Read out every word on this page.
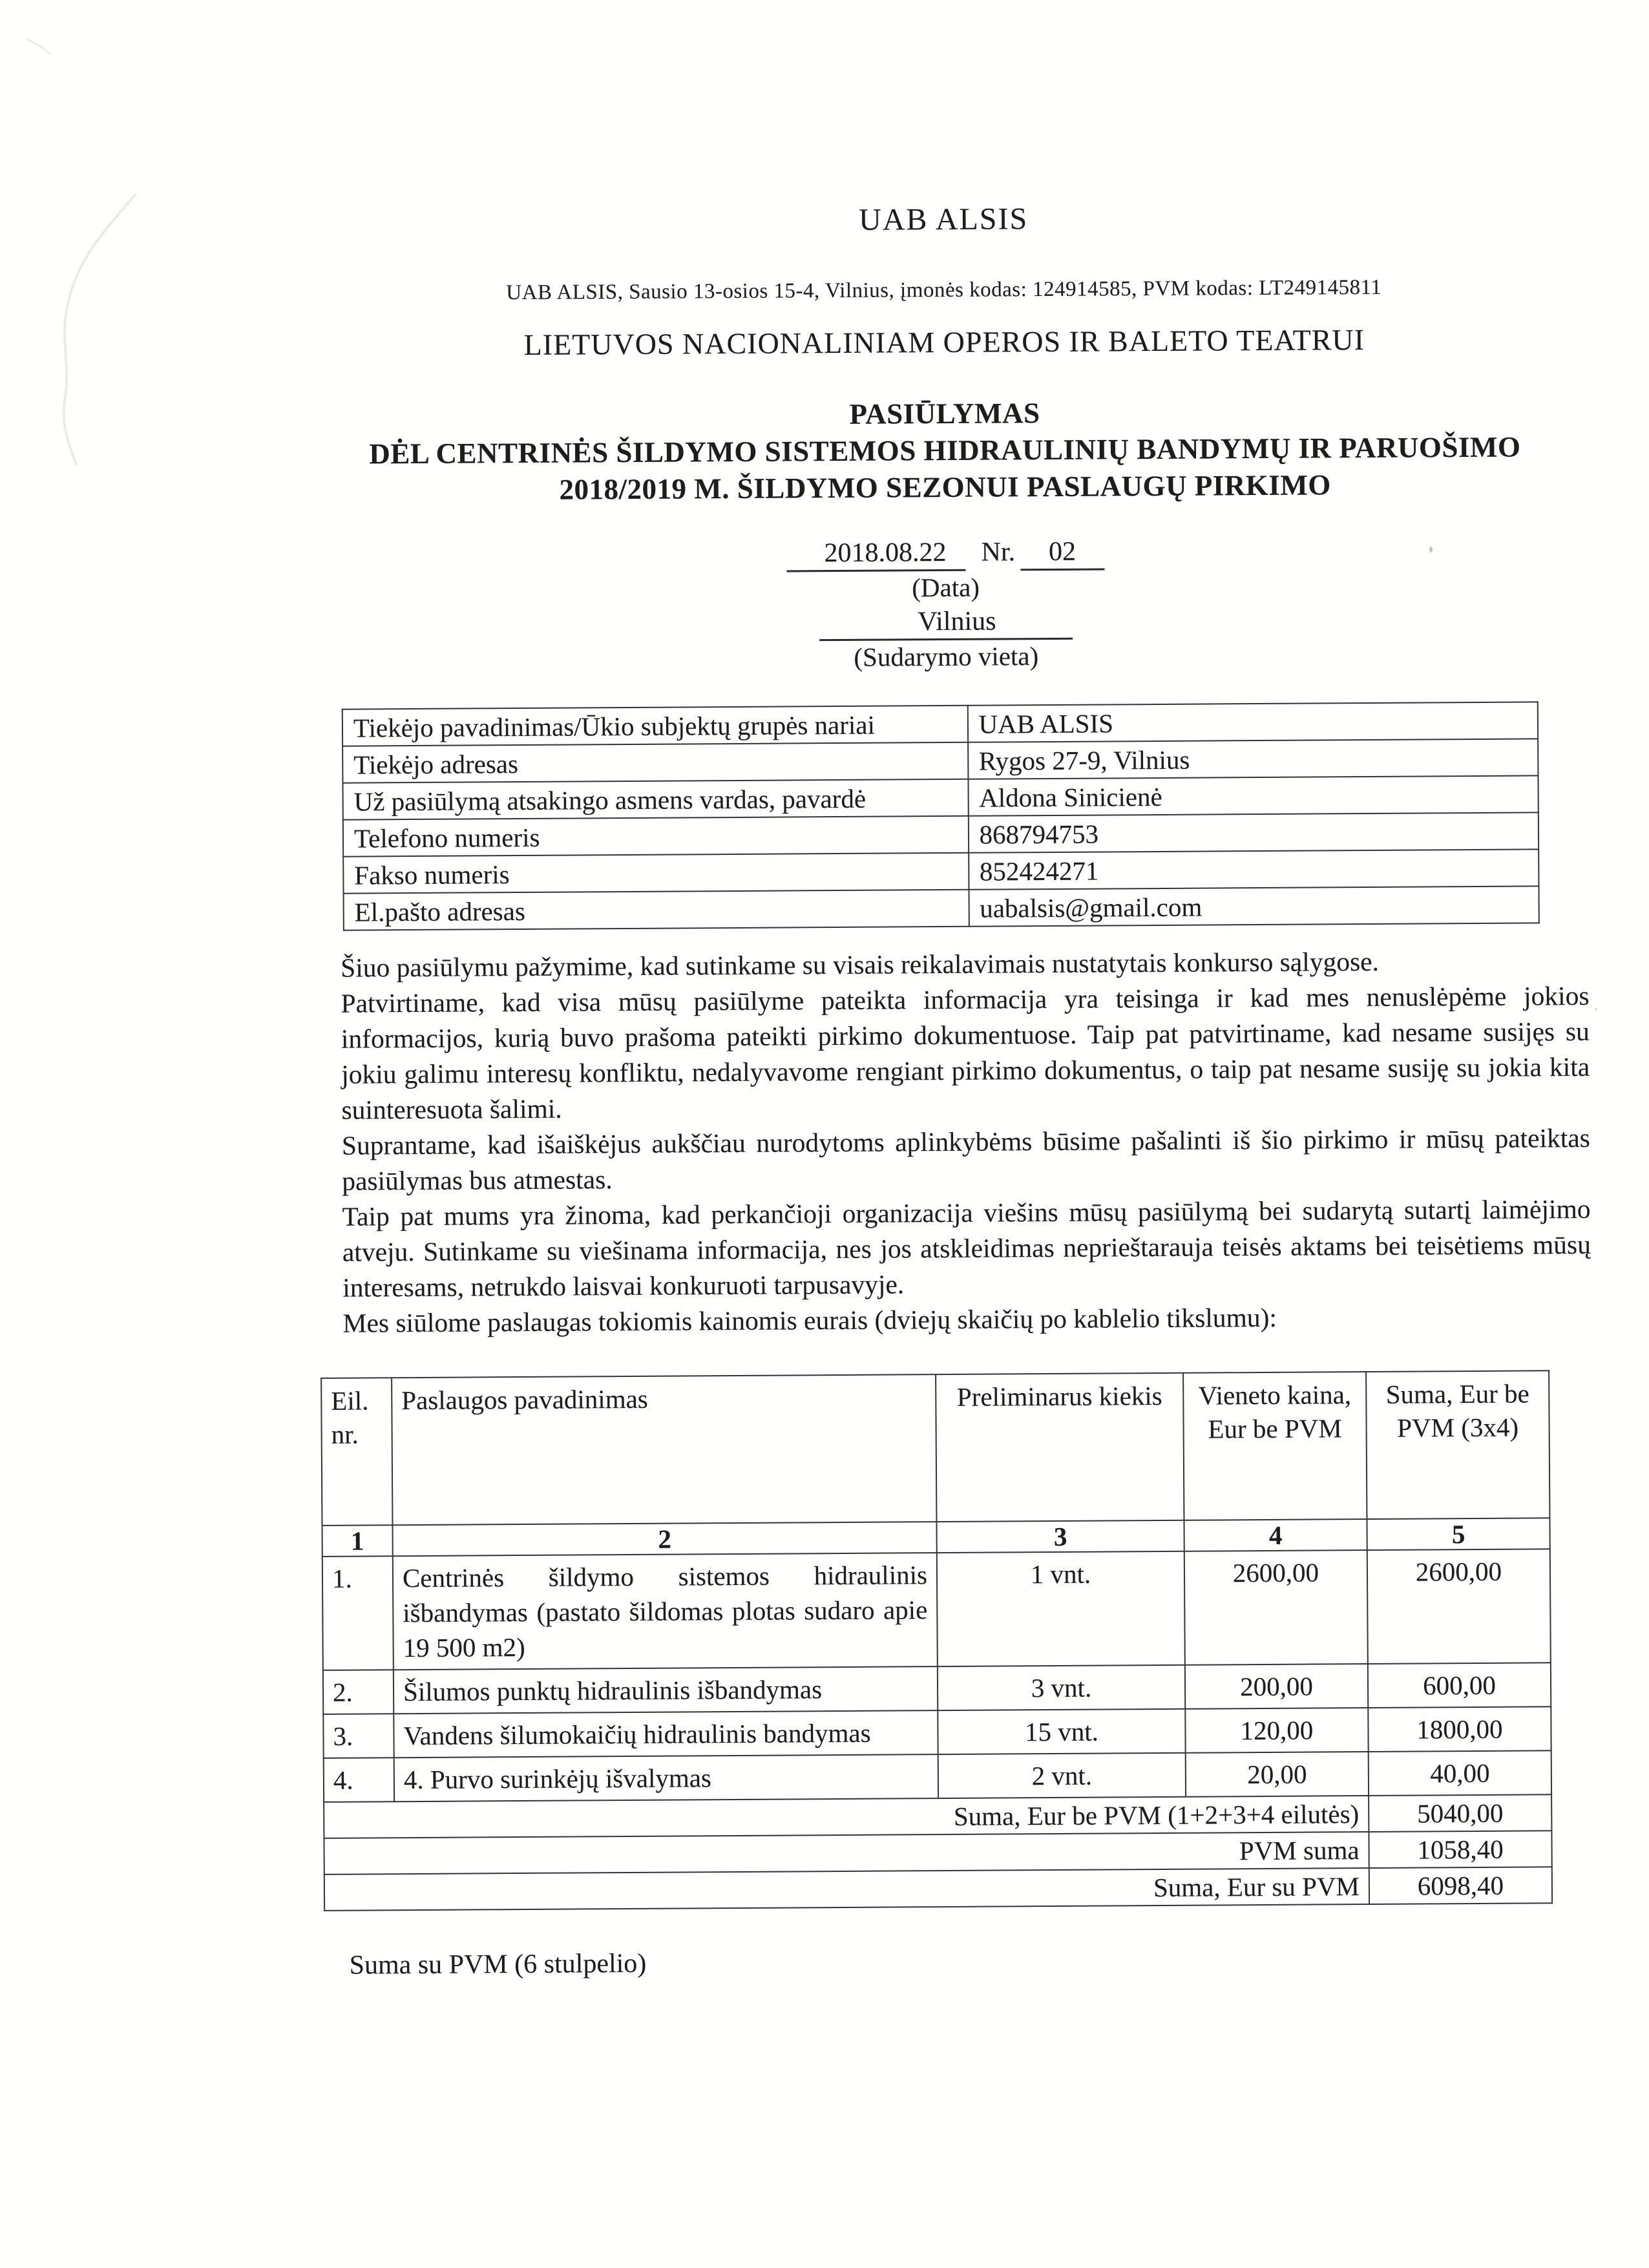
UAB ALSIS
UAB ALSIS, Sausio 13-osios 15-4, Vilnius, įmonės kodas: 124914585, PVM kodas: LT249145811
LIETUVOS NACIONALINIAM OPEROS IR BALETO TEATRUI
PASIŪLYMAS
DĖL CENTRINĖS ŠILDYMO SISTEMOS HIDRAULINIŲ BANDYMŲ IR PARUOŠIMO
2018/2019 M. ŠILDYMO SEZONUI PASLAUGŲ PIRKIMO
2018.08.22 Nr. 02
(Data)
Vilnius
(Sudarymo vieta)
Tiekėjo pavadinimas/Ūkio subjektų grupės nariai	UAB ALSIS
Tiekėjo adresas	Rygos 27-9, Vilnius
Už pasiūlymą atsakingo asmens vardas, pavardė	Aldona Sinicienė
Telefono numeris	868794753
Fakso numeris	852424271
El.pašto adresas	uabalsis@gmail.com

Šiuo pasiūlymu pažymime, kad sutinkame su visais reikalavimais nustatytais konkurso sąlygose.

Patvirtiname, kad visa mūsų pasiūlyme pateikta informacija yra teisinga ir kad mes nenuslėpėme jokios informacijos, kurią buvo prašoma pateikti pirkimo dokumentuose. Taip pat patvirtiname, kad nesame susijęs su jokiu galimu interesų konfliktu, nedalyvavome rengiant pirkimo dokumentus, o taip pat nesame susiję su jokia kita suinteresuota šalimi.

Suprantame, kad išaiškėjus aukščiau nurodytoms aplinkybėms būsime pašalinti iš šio pirkimo ir mūsų pateiktas pasiūlymas bus atmestas.

Taip pat mums yra žinoma, kad perkančioji organizacija viešins mūsų pasiūlymą bei sudarytą sutartį laimėjimo atveju. Sutinkame su viešinama informacija, nes jos atskleidimas neprieštarauja teisės aktams bei teisėtiems mūsų interesams, netrukdo laisvai konkuruoti tarpusavyje.

Mes siūlome paslaugas tokiomis kainomis eurais (dviejų skaičių po kablelio tikslumu):

Eil. nr.	Paslaugos pavadinimas	Preliminarus kiekis	Vieneto kaina, Eur be PVM	Suma, Eur be PVM (3x4)
1	2	3	4	5
1.	Centrinės šildymo sistemos hidraulinis išbandymas (pastato šildomas plotas sudaro apie 19 500 m2)	1 vnt.	2600,00	2600,00
2.	Šilumos punktų hidraulinis išbandymas	3 vnt.	200,00	600,00
3.	Vandens šilumokaičių hidraulinis bandymas	15 vnt.	120,00	1800,00
4.	4. Purvo surinkėjų išvalymas	2 vnt.	20,00	40,00
Suma, Eur be PVM (1+2+3+4 eilutės)				5040,00
PVM suma				1058,40
Suma, Eur su PVM				6098,40
Suma su PVM (6 stulpelio)
